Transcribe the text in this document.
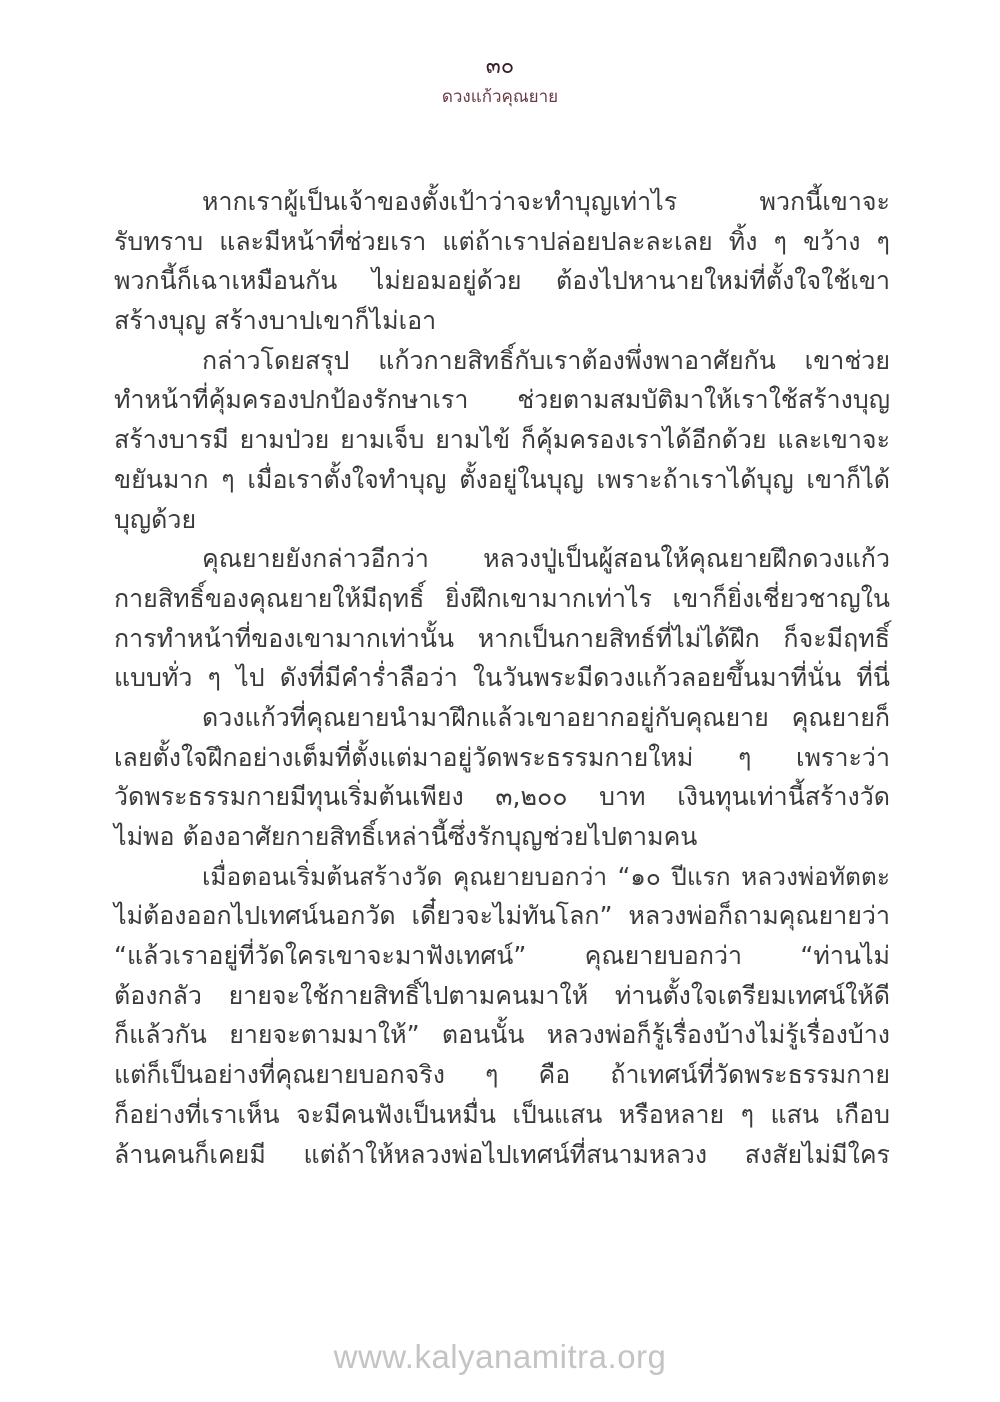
๓๐
ดวงแก้วคุณยาย
หากเราผู้เป็นเจ้าของตั้งเป้าว่าจะทำบุญเท่าไร พวกนี้เขาจะ
รับทราบ และมีหน้าที่ช่วยเรา แต่ถ้าเราปล่อยปละละเลย ทิ้ง ๆ ขว้าง ๆ
พวกนี้ก็เฉาเหมือนกัน ไม่ยอมอยู่ด้วย ต้องไปหานายใหม่ที่ตั้งใจใช้เขา
สร้างบุญ สร้างบาปเขาก็ไม่เอา
กล่าวโดยสรุป แก้วกายสิทธิ์กับเราต้องพึ่งพาอาศัยกัน เขาช่วย
ทำหน้าที่คุ้มครองปกป้องรักษาเรา ช่วยตามสมบัติมาให้เราใช้สร้างบุญ
สร้างบารมี ยามป่วย ยามเจ็บ ยามไข้ ก็คุ้มครองเราได้อีกด้วย และเขาจะ
ขยันมาก ๆ เมื่อเราตั้งใจทำบุญ ตั้งอยู่ในบุญ เพราะถ้าเราได้บุญ เขาก็ได้
บุญด้วย
คุณยายยังกล่าวอีกว่า หลวงปู่เป็นผู้สอนให้คุณยายฝึกดวงแก้ว
กายสิทธิ์ของคุณยายให้มีฤทธิ์ ยิ่งฝึกเขามากเท่าไร เขาก็ยิ่งเชี่ยวชาญใน
การทำหน้าที่ของเขามากเท่านั้น หากเป็นกายสิทธ์ที่ไม่ได้ฝึก ก็จะมีฤทธิ์
แบบทั่ว ๆ ไป ดังที่มีคำร่ำลือว่า ในวันพระมีดวงแก้วลอยขึ้นมาที่นั่น ที่นี่
ดวงแก้วที่คุณยายนำมาฝึกแล้วเขาอยากอยู่กับคุณยาย คุณยายก็
เลยตั้งใจฝึกอย่างเต็มที่ตั้งแต่มาอยู่วัดพระธรรมกายใหม่ ๆ เพราะว่า
วัดพระธรรมกายมีทุนเริ่มต้นเพียง ๓,๒๐๐ บาท เงินทุนเท่านี้สร้างวัด
ไม่พอ ต้องอาศัยกายสิทธิ์เหล่านี้ซึ่งรักบุญช่วยไปตามคน
เมื่อตอนเริ่มต้นสร้างวัด คุณยายบอกว่า “๑๐ ปีแรก หลวงพ่อทัตตะ
ไม่ต้องออกไปเทศน์นอกวัด เดี๋ยวจะไม่ทันโลก” หลวงพ่อก็ถามคุณยายว่า
“แล้วเราอยู่ที่วัดใครเขาจะมาฟังเทศน์” คุณยายบอกว่า “ท่านไม่
ต้องกลัว ยายจะใช้กายสิทธิ์ไปตามคนมาให้ ท่านตั้งใจเตรียมเทศน์ให้ดี
ก็แล้วกัน ยายจะตามมาให้” ตอนนั้น หลวงพ่อก็รู้เรื่องบ้างไม่รู้เรื่องบ้าง
แต่ก็เป็นอย่างที่คุณยายบอกจริง ๆ คือ ถ้าเทศน์ที่วัดพระธรรมกาย
ก็อย่างที่เราเห็น จะมีคนฟังเป็นหมื่น เป็นแสน หรือหลาย ๆ แสน เกือบ
ล้านคนก็เคยมี แต่ถ้าให้หลวงพ่อไปเทศน์ที่สนามหลวง สงสัยไม่มีใคร
www.kalyanamitra.org
